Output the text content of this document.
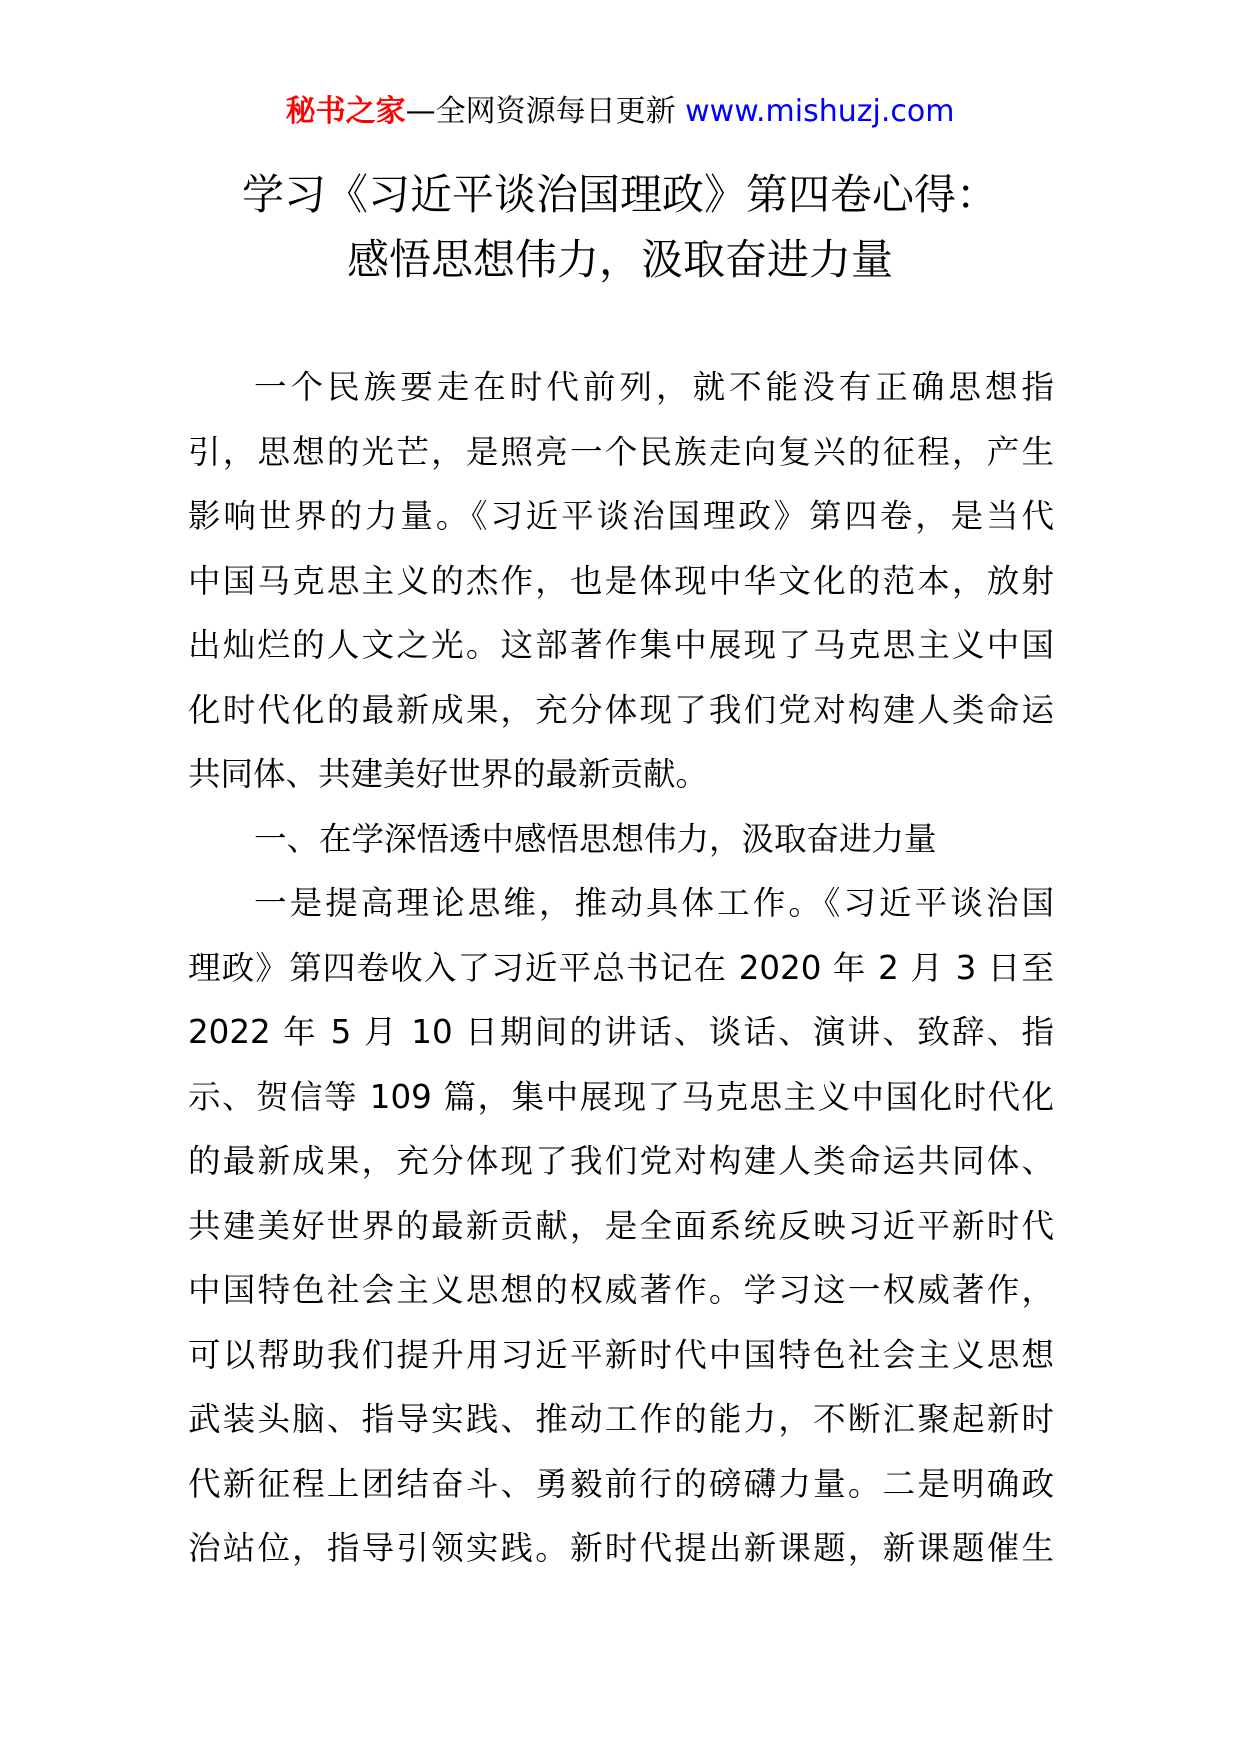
秘书之家—全网资源每日更新 www.mishuzj.com
学习《习近平谈治国理政》第四卷心得：
感悟思想伟力，汲取奋进力量
一个民族要走在时代前列，就不能没有正确思想指
引，思想的光芒，是照亮一个民族走向复兴的征程，产生
影响世界的力量。《习近平谈治国理政》第四卷，是当代
中国马克思主义的杰作，也是体现中华文化的范本，放射
出灿烂的人文之光。这部著作集中展现了马克思主义中国
化时代化的最新成果，充分体现了我们党对构建人类命运
共同体、共建美好世界的最新贡献。
一、在学深悟透中感悟思想伟力，汲取奋进力量
一是提高理论思维，推动具体工作。《习近平谈治国
理政》第四卷收入了习近平总书记在 2020 年 2 月 3 日至
2022 年 5 月 10 日期间的讲话、谈话、演讲、致辞、指
示、贺信等 109 篇，集中展现了马克思主义中国化时代化
的最新成果，充分体现了我们党对构建人类命运共同体、
共建美好世界的最新贡献，是全面系统反映习近平新时代
中国特色社会主义思想的权威著作。学习这一权威著作，
可以帮助我们提升用习近平新时代中国特色社会主义思想
武装头脑、指导实践、推动工作的能力，不断汇聚起新时
代新征程上团结奋斗、勇毅前行的磅礴力量。二是明确政
治站位，指导引领实践。新时代提出新课题，新课题催生
